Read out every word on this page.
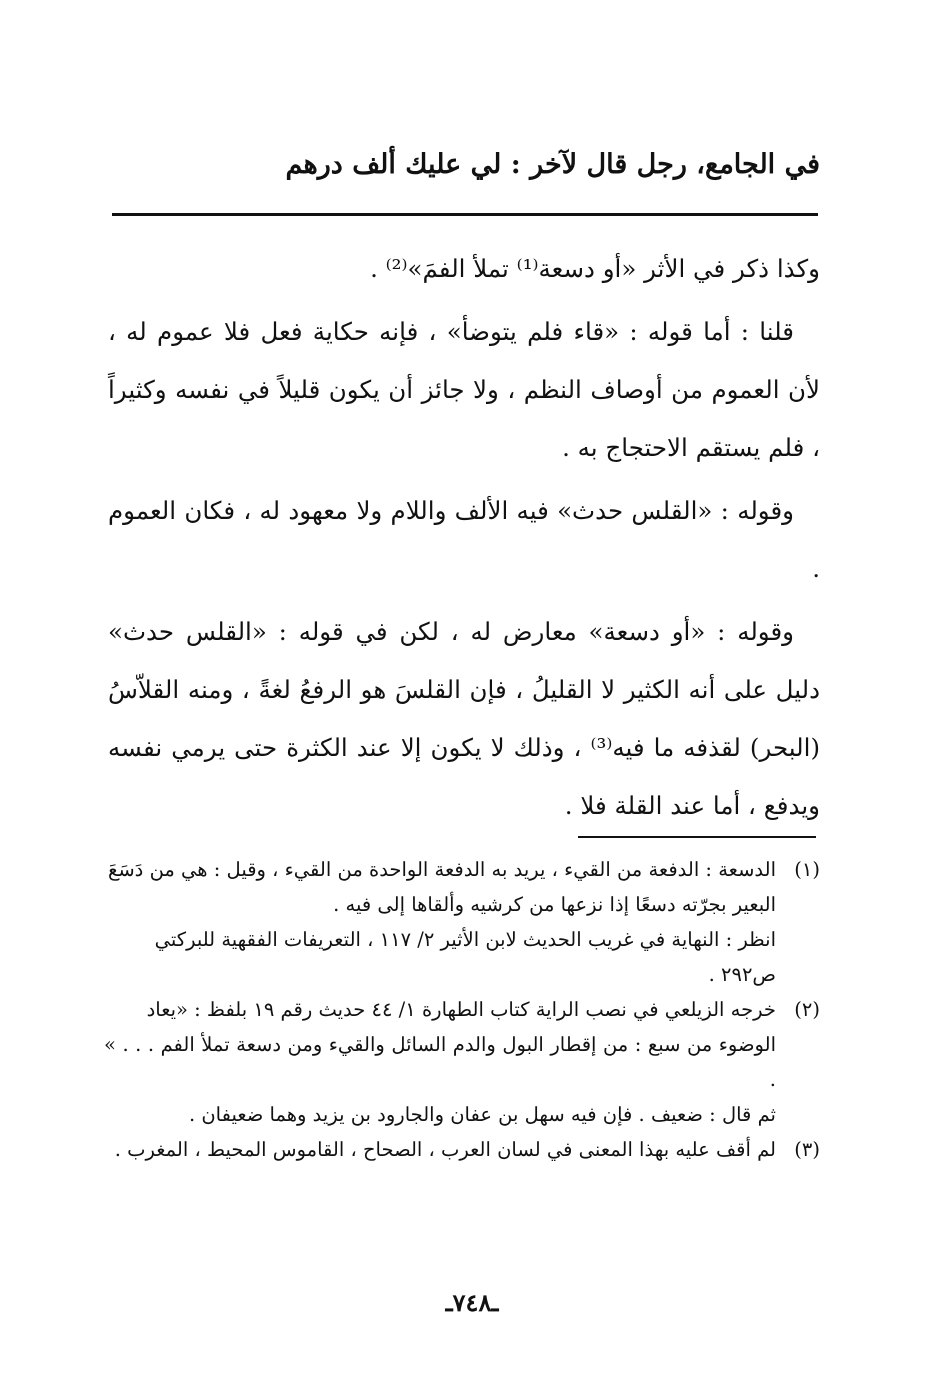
في الجامع، رجل قال لآخر : لي عليك ألف درهم

وكذا ذكر في الأثر «أو دسعة⁽¹⁾ تملأ الفمَ»⁽²⁾ .

قلنا : أما قوله : «قاء فلم يتوضأ» ، فإنه حكاية فعل فلا عموم له ، لأن العموم من أوصاف النظم ، ولا جائز أن يكون قليلاً في نفسه وكثيراً ، فلم يستقم الاحتجاج به .

وقوله : «القلس حدث» فيه الألف واللام ولا معهود له ، فكان العموم .

وقوله : «أو دسعة» معارض له ، لكن في قوله : «القلس حدث» دليل على أنه الكثير لا القليلُ ، فإن القلسَ هو الرفعُ لغةً ، ومنه القلاّسُ (البحر) لقذفه ما فيه⁽³⁾ ، وذلك لا يكون إلا عند الكثرة حتى يرمي نفسه ويدفع ، أما عند القلة فلا .

(١)
الدسعة : الدفعة من القيء ، يريد به الدفعة الواحدة من القيء ، وقيل : هي من دَسَعَ
البعير بجرّته دسعًا إذا نزعها من كرشيه وألقاها إلى فيه .
انظر : النهاية في غريب الحديث لابن الأثير ٢/ ١١٧ ، التعريفات الفقهية للبركتي
ص٢٩٢ .
(٢)
خرجه الزيلعي في نصب الراية كتاب الطهارة ١/ ٤٤ حديث رقم ١٩ بلفظ : «يعاد
الوضوء من سبع : من إقطار البول والدم السائل والقيء ومن دسعة تملأ الفم . . . » .
ثم قال : ضعيف . فإن فيه سهل بن عفان والجارود بن يزيد وهما ضعيفان .
(٣)
لم أقف عليه بهذا المعنى في لسان العرب ، الصحاح ، القاموس المحيط ، المغرب .
ـ٧٤٨ـ
